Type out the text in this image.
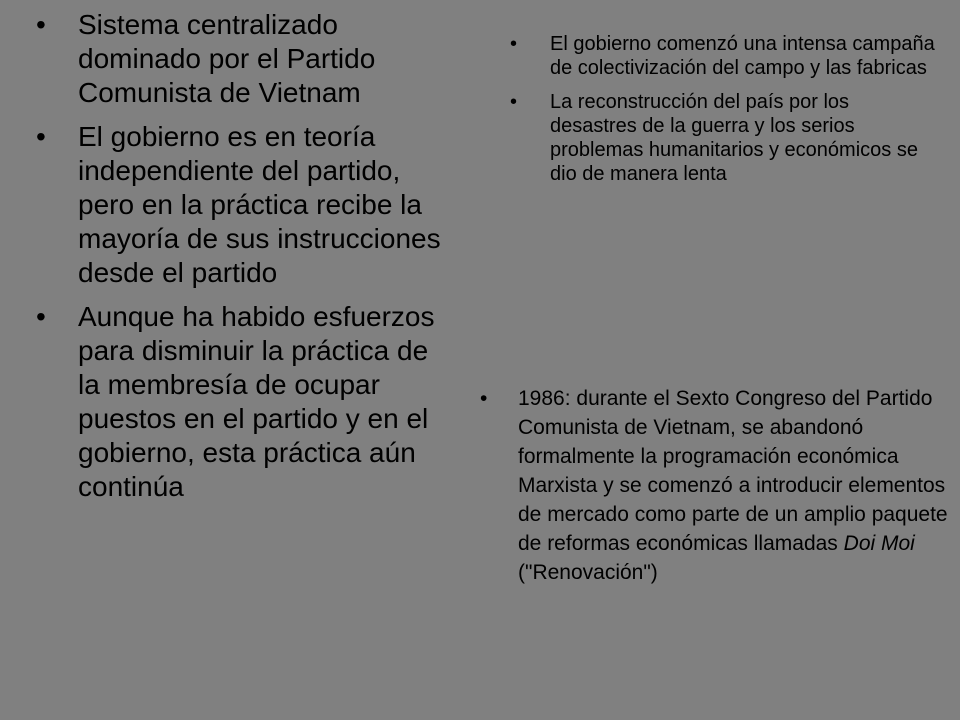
• Sistema centralizado dominado por el Partido Comunista de Vietnam
• El gobierno es en teoría independiente del partido, pero en la práctica recibe la mayoría de sus instrucciones desde el partido
• Aunque ha habido esfuerzos para disminuir la práctica de la membresía de ocupar puestos en el partido y en el gobierno, esta práctica aún continúa
• El gobierno comenzó una intensa campaña de colectivización del campo y las fabricas
• La reconstrucción del país por los desastres de la guerra y los serios problemas humanitarios y económicos se dio de manera lenta
• 1986: durante el Sexto Congreso del Partido Comunista de Vietnam, se abandonó formalmente la programación económica Marxista y se comenzó a introducir elementos de mercado como parte de un amplio paquete de reformas económicas llamadas Doi Moi ("Renovación")
